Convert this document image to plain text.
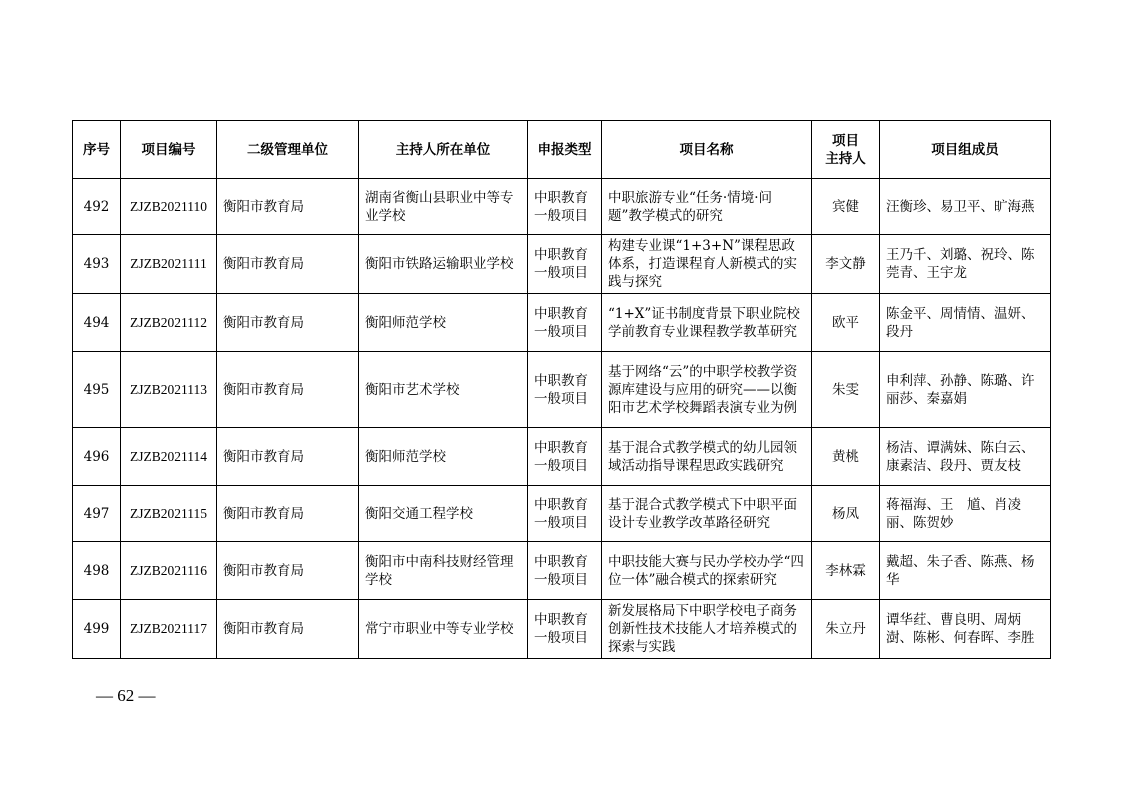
序号	项目编号	二级管理单位	主持人所在单位	申报类型	项目名称	项目
主持人	项目组成员
492	ZJZB2021110	衡阳市教育局	湖南省衡山县职业中等专业学校	中职教育一般项目	中职旅游专业“任务·情境·问题”教学模式的研究	宾健	汪衡珍、易卫平、旷海燕
493	ZJZB2021111	衡阳市教育局	衡阳市铁路运输职业学校	中职教育一般项目	构建专业课“1+3+N”课程思政体系，打造课程育人新模式的实践与探究	李文静	王乃千、刘璐、祝玲、陈莞青、王宇龙
494	ZJZB2021112	衡阳市教育局	衡阳师范学校	中职教育一般项目	“1+X”证书制度背景下职业院校学前教育专业课程教学教革研究	欧平	陈金平、周情情、温妍、段丹
495	ZJZB2021113	衡阳市教育局	衡阳市艺术学校	中职教育一般项目	基于网络“云”的中职学校教学资源库建设与应用的研究——以衡阳市艺术学校舞蹈表演专业为例	朱雯	申利萍、孙静、陈璐、许丽莎、秦嘉娟
496	ZJZB2021114	衡阳市教育局	衡阳师范学校	中职教育一般项目	基于混合式教学模式的幼儿园领域活动指导课程思政实践研究	黄桃	杨洁、谭满妹、陈白云、康素洁、段丹、贾友枝
497	ZJZB2021115	衡阳市教育局	衡阳交通工程学校	中职教育一般项目	基于混合式教学模式下中职平面设计专业教学改革路径研究	杨凤	蒋福海、王　馗、肖凌丽、陈贺妙
498	ZJZB2021116	衡阳市教育局	衡阳市中南科技财经管理学校	中职教育一般项目	中职技能大赛与民办学校办学“四位一体”融合模式的探索研究	李林霖	戴超、朱子香、陈燕、杨华
499	ZJZB2021117	衡阳市教育局	常宁市职业中等专业学校	中职教育一般项目	新发展格局下中职学校电子商务创新性技术技能人才培养模式的探索与实践	朱立丹	谭华荭、曹良明、周炳澍、陈彬、何春晖、李胜
— 62 —
